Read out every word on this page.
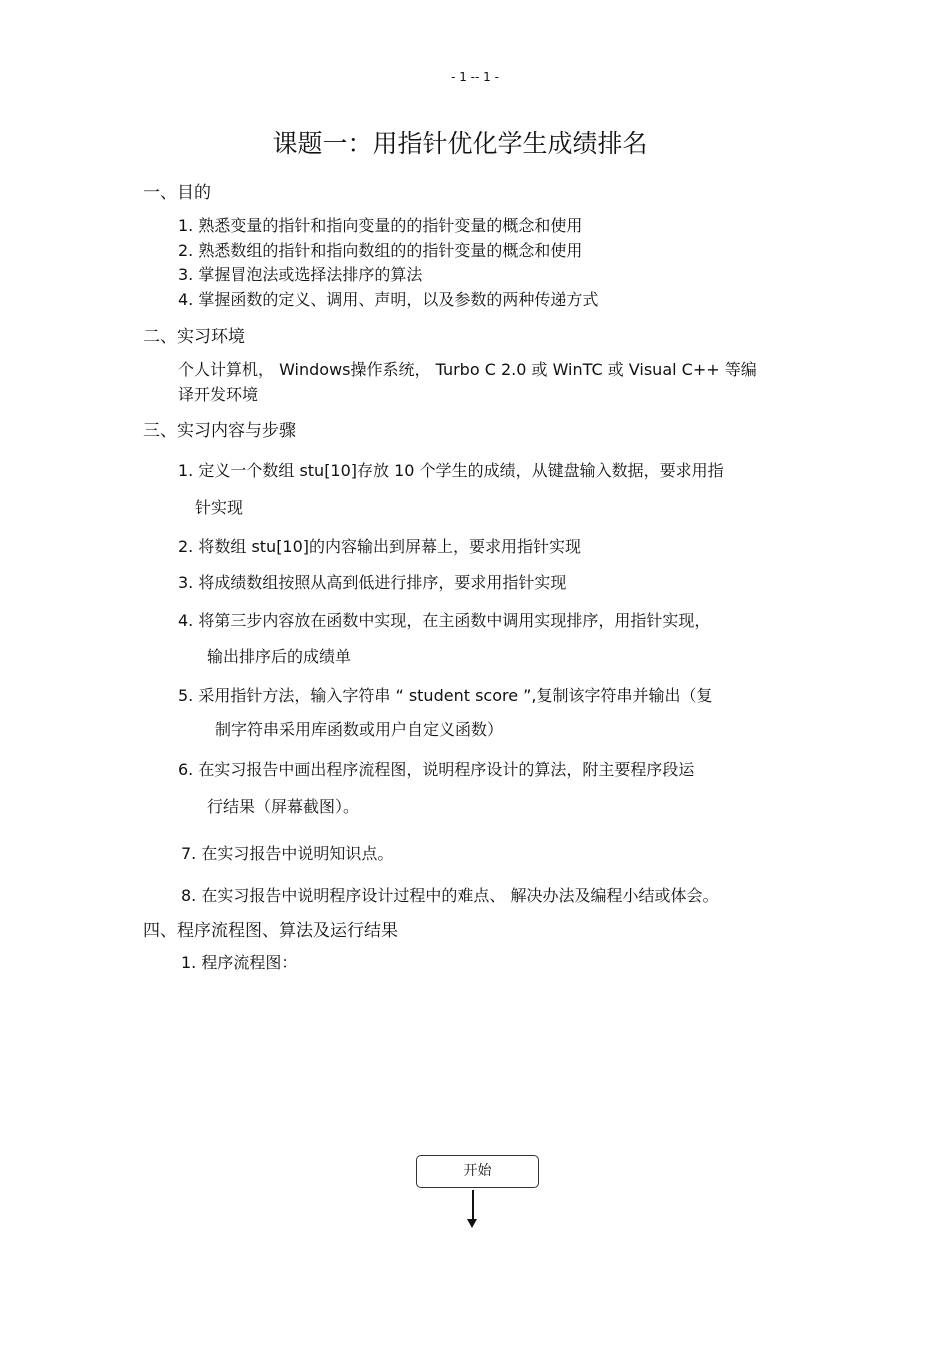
- 1 -- 1 -
课题一：用指针优化学生成绩排名
一、目的
1. 熟悉变量的指针和指向变量的的指针变量的概念和使用
2. 熟悉数组的指针和指向数组的的指针变量的概念和使用
3. 掌握冒泡法或选择法排序的算法
4. 掌握函数的定义、调用、声明，以及参数的两种传递方式
二、实习环境
个人计算机， Windows操作系统， Turbo C 2.0 或 WinTC 或 Visual C++ 等编
译开发环境
三、实习内容与步骤
1. 定义一个数组 stu[10]存放 10 个学生的成绩，从键盘输入数据，要求用指
针实现
2. 将数组 stu[10]的内容输出到屏幕上，要求用指针实现
3. 将成绩数组按照从高到低进行排序，要求用指针实现
4. 将第三步内容放在函数中实现，在主函数中调用实现排序，用指针实现，
输出排序后的成绩单
5. 采用指针方法，输入字符串 “ student score ”,复制该字符串并输出（复
制字符串采用库函数或用户自定义函数）
6. 在实习报告中画出程序流程图，说明程序设计的算法，附主要程序段运
行结果（屏幕截图）。
7. 在实习报告中说明知识点。
8. 在实习报告中说明程序设计过程中的难点、 解决办法及编程小结或体会。
四、程序流程图、算法及运行结果
1. 程序流程图：
开始
